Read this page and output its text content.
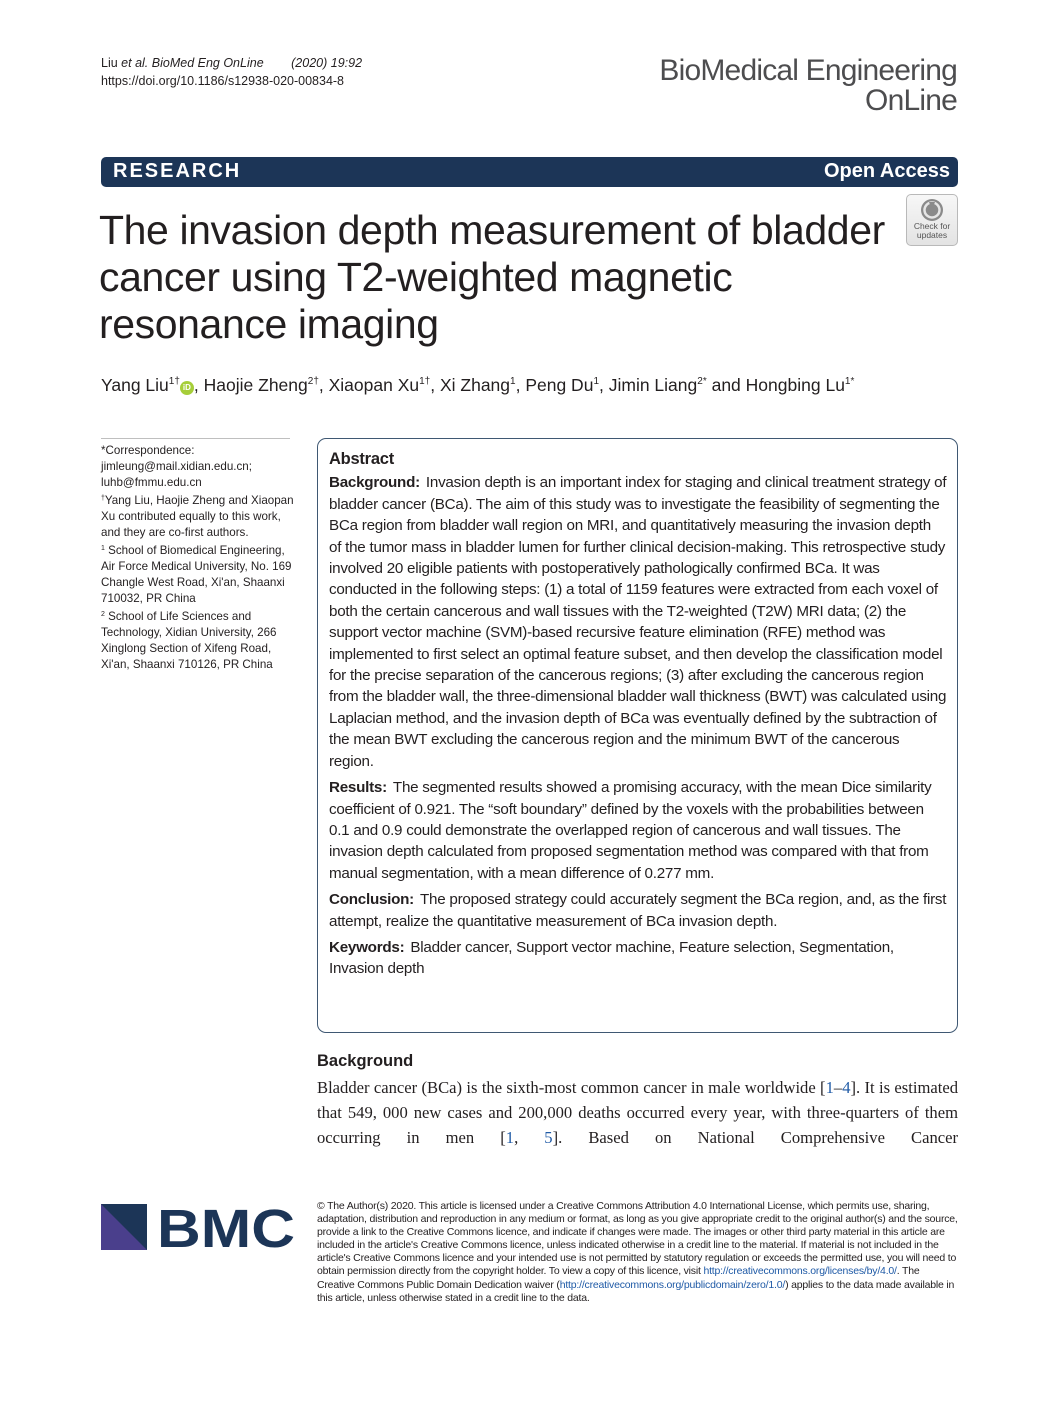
Liu et al. BioMed Eng OnLine (2020) 19:92
https://doi.org/10.1186/s12938-020-00834-8	BioMedical Engineering
OnLine
RESEARCH	Open Access
The invasion depth measurement of bladder cancer using T2-weighted magnetic resonance imaging
Check for
updates
Yang Liu$^{1\dagger}$iD , Haojie Zheng$^{2\dagger}$, Xiaopan $Xu^{1\dagger}$, Xi Zhang$^1$, Peng Du$^1$, Jimin Liang$^{2*}$ and Hongbing $Lu^{1*}$

*Correspondence: jimleung@mail.xidian.edu.cn; luhb@fmmu.edu.cn

†Yang Liu, Haojie Zheng and Xiaopan Xu contributed equally to this work, and they are co-first authors.

$^1$ School of Biomedical Engineering, Air Force Medical University, No. 169 Changle West Road, Xi'an, Shaanxi 710032, PR China

$^2$ School of Life Sciences and Technology, Xidian University, 266 Xinglong Section of Xifeng Road, Xi'an, Shaanxi 710126, PR China

Abstract

Background: Invasion depth is an important index for staging and clinical treatment strategy of bladder cancer (BCa). The aim of this study was to investigate the feasibility of segmenting the BCa region from bladder wall region on MRI, and quantitatively measuring the invasion depth of the tumor mass in bladder lumen for further clinical decision-making. This retrospective study involved 20 eligible patients with postoperatively pathologically confirmed BCa. It was conducted in the following steps: (1) a total of 1159 features were extracted from each voxel of both the certain cancerous and wall tissues with the T2-weighted (T2W) MRI data; (2) the support vector machine (SVM)-based recursive feature elimination (RFE) method was implemented to first select an optimal feature subset, and then develop the classification model for the precise separation of the cancerous regions; (3) after excluding the cancerous region from the bladder wall, the three-dimensional bladder wall thickness (BWT) was calculated using Laplacian method, and the invasion depth of BCa was eventually defined by the subtraction of the mean BWT excluding the cancerous region and the minimum BWT of the cancerous region.

Results: The segmented results showed a promising accuracy, with the mean Dice similarity coefficient of 0.921. The “soft boundary” defined by the voxels with the probabilities between 0.1 and 0.9 could demonstrate the overlapped region of cancerous and wall tissues. The invasion depth calculated from proposed segmentation method was compared with that from manual segmentation, with a mean difference of 0.277 mm.

Conclusion: The proposed strategy could accurately segment the BCa region, and, as the first attempt, realize the quantitative measurement of BCa invasion depth.

Keywords: Bladder cancer, Support vector machine, Feature selection, Segmentation, Invasion depth

Background
Bladder cancer (BCa) is the sixth-most common cancer in male worldwide [1–4]. It is estimated that 549, 000 new cases and 200,000 deaths occurred every year, with three-quarters of them occurring in men [1, 5]. Based on National Comprehensive Cancer
BMC © The Author(s) 2020. This article is licensed under a Creative Commons Attribution 4.0 International License, which permits use, sharing, adaptation, distribution and reproduction in any medium or format, as long as you give appropriate credit to the original author(s) and the source, provide a link to the Creative Commons licence, and indicate if changes were made. The images or other third party material in this article are included in the article's Creative Commons licence, unless indicated otherwise in a credit line to the material. If material is not included in the article's Creative Commons licence and your intended use is not permitted by statutory regulation or exceeds the permitted use, you will need to obtain permission directly from the copyright holder. To view a copy of this licence, visit http://creativecommons.org/licenses/by/4.0/. The Creative Commons Public Domain Dedication waiver (http://creativecommons.org/publicdomain/zero/1.0/) applies to the data made available in this article, unless otherwise stated in a credit line to the data.
